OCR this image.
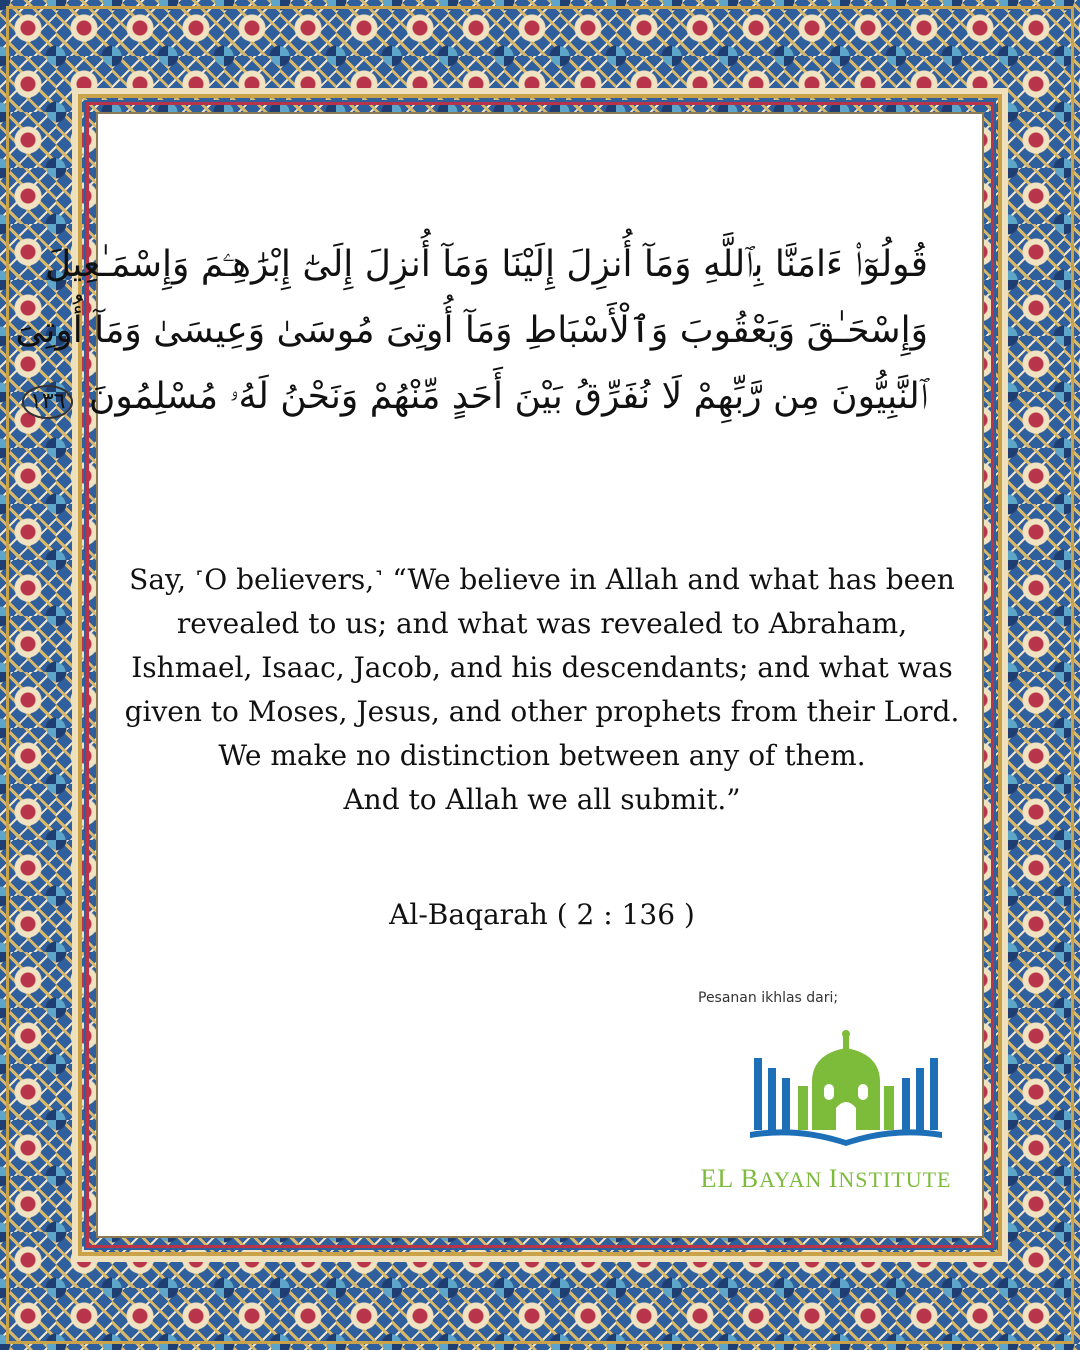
قُولُوٓا۟ ءَامَنَّا بِٱللَّهِ وَمَآ أُنزِلَ إِلَيْنَا وَمَآ أُنزِلَ إِلَىٰٓ إِبْرَٰهِـۧمَ وَإِسْمَـٰعِيلَ
وَإِسْحَـٰقَ وَيَعْقُوبَ وَٱلْأَسْبَاطِ وَمَآ أُوتِىَ مُوسَىٰ وَعِيسَىٰ وَمَآ أُوتِىَ
ٱلنَّبِيُّونَ مِن رَّبِّهِمْ لَا نُفَرِّقُ بَيْنَ أَحَدٍ مِّنْهُمْ وَنَحْنُ لَهُۥ مُسْلِمُونَ ١٣٦
Say, ˹O believers,˺ “We believe in Allah and what has been
revealed to us; and what was revealed to Abraham,
Ishmael, Isaac, Jacob, and his descendants; and what was
given to Moses, Jesus, and other prophets from their Lord.
We make no distinction between any of them.
And to Allah we all submit.”
Al-Baqarah ( 2 : 136 )
Pesanan ikhlas dari;
EL BAYAN INSTITUTE
